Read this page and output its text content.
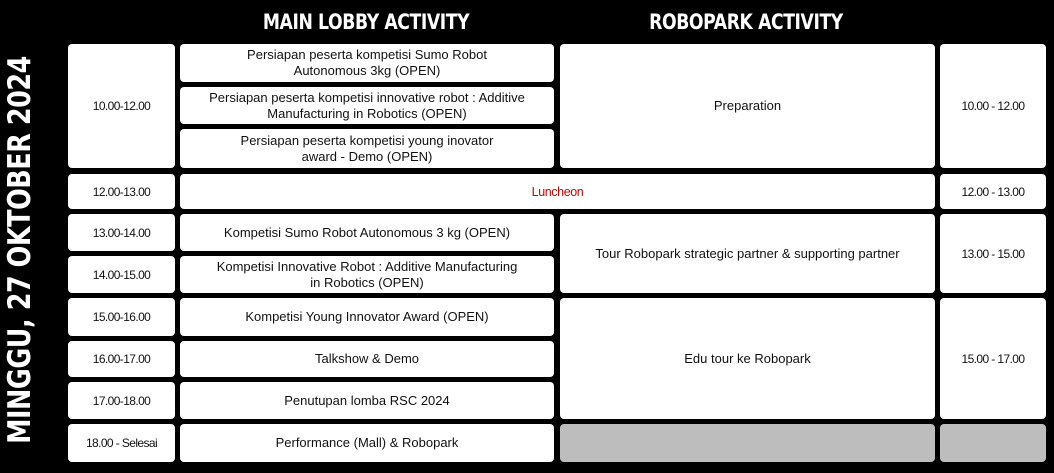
MAIN LOBBY ACTIVITY	ROBOPARK ACTIVITY
MINGGU, 27 OKTOBER 2024	10.00-12.00
12.00-13.00
13.00-14.00
14.00-15.00
15.00-16.00
16.00-17.00
17.00-18.00
18.00 - Selesai
Persiapan peserta kompetisi Sumo Robot Autonomous 3kg (OPEN)
Persiapan peserta kompetisi innovative robot : Additive Manufacturing in Robotics (OPEN)
Persiapan peserta kompetisi young inovator award - Demo (OPEN)
Luncheon
Kompetisi Sumo Robot Autonomous 3 kg (OPEN)
Kompetisi Innovative Robot : Additive Manufacturing in Robotics (OPEN)
Kompetisi Young Innovator Award (OPEN)
Talkshow & Demo
Penutupan lomba RSC 2024
Performance (Mall) & Robopark
Preparation
Tour Robopark strategic partner & supporting partner
Edu tour ke Robopark
10.00 - 12.00
12.00 - 13.00
13.00 - 15.00
15.00 - 17.00
